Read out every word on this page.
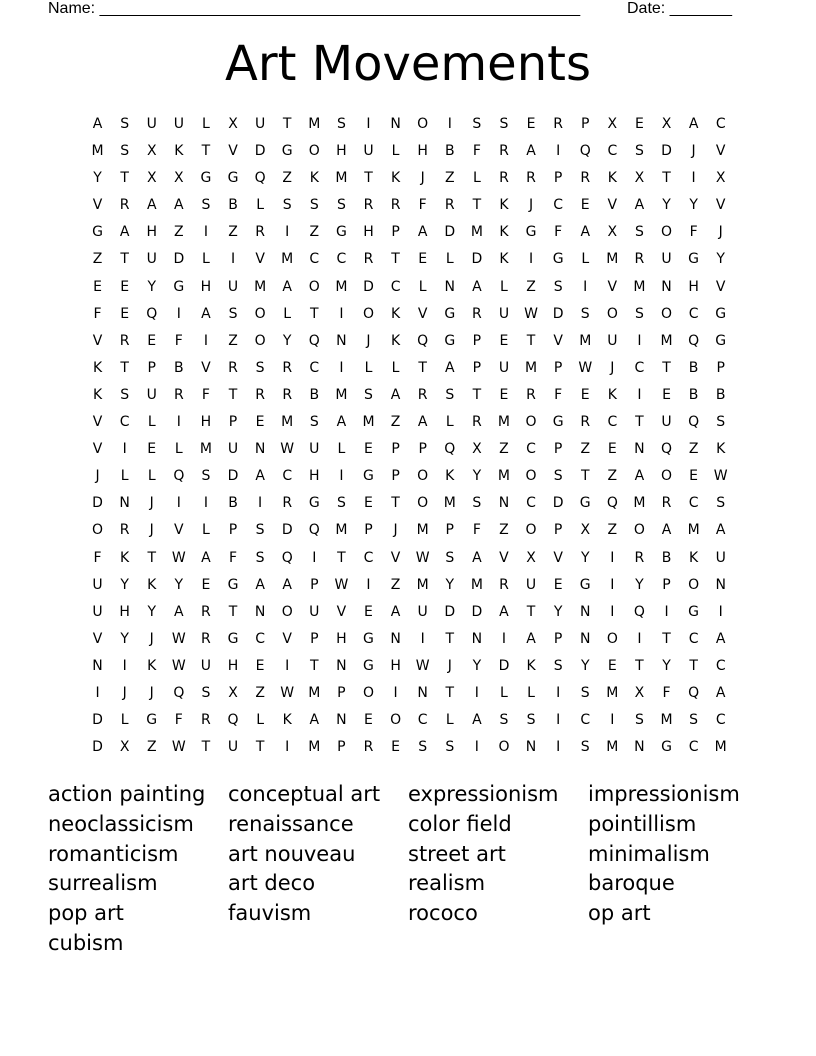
Name: ______________________________________________________	Date: _______
Art Movements
A	S	U	U	L	X	U	T	M	S	I	N	O	I	S	S	E	R	P	X	E	X	A	C
M	S	X	K	T	V	D	G	O	H	U	L	H	B	F	R	A	I	Q	C	S	D	J	V
Y	T	X	X	G	G	Q	Z	K	M	T	K	J	Z	L	R	R	P	R	K	X	T	I	X
V	R	A	A	S	B	L	S	S	S	R	R	F	R	T	K	J	C	E	V	A	Y	Y	V
G	A	H	Z	I	Z	R	I	Z	G	H	P	A	D	M	K	G	F	A	X	S	O	F	J
Z	T	U	D	L	I	V	M	C	C	R	T	E	L	D	K	I	G	L	M	R	U	G	Y
E	E	Y	G	H	U	M	A	O	M	D	C	L	N	A	L	Z	S	I	V	M	N	H	V
F	E	Q	I	A	S	O	L	T	I	O	K	V	G	R	U	W	D	S	O	S	O	C	G
V	R	E	F	I	Z	O	Y	Q	N	J	K	Q	G	P	E	T	V	M	U	I	M	Q	G
K	T	P	B	V	R	S	R	C	I	L	L	T	A	P	U	M	P	W	J	C	T	B	P
K	S	U	R	F	T	R	R	B	M	S	A	R	S	T	E	R	F	E	K	I	E	B	B
V	C	L	I	H	P	E	M	S	A	M	Z	A	L	R	M	O	G	R	C	T	U	Q	S
V	I	E	L	M	U	N	W	U	L	E	P	P	Q	X	Z	C	P	Z	E	N	Q	Z	K
J	L	L	Q	S	D	A	C	H	I	G	P	O	K	Y	M	O	S	T	Z	A	O	E	W
D	N	J	I	I	B	I	R	G	S	E	T	O	M	S	N	C	D	G	Q	M	R	C	S
O	R	J	V	L	P	S	D	Q	M	P	J	M	P	F	Z	O	P	X	Z	O	A	M	A
F	K	T	W	A	F	S	Q	I	T	C	V	W	S	A	V	X	V	Y	I	R	B	K	U
U	Y	K	Y	E	G	A	A	P	W	I	Z	M	Y	M	R	U	E	G	I	Y	P	O	N
U	H	Y	A	R	T	N	O	U	V	E	A	U	D	D	A	T	Y	N	I	Q	I	G	I
V	Y	J	W	R	G	C	V	P	H	G	N	I	T	N	I	A	P	N	O	I	T	C	A
N	I	K	W	U	H	E	I	T	N	G	H	W	J	Y	D	K	S	Y	E	T	Y	T	C
I	J	J	Q	S	X	Z	W	M	P	O	I	N	T	I	L	L	I	S	M	X	F	Q	A
D	L	G	F	R	Q	L	K	A	N	E	O	C	L	A	S	S	I	C	I	S	M	S	C
D	X	Z	W	T	U	T	I	M	P	R	E	S	S	I	O	N	I	S	M	N	G	C	M
action painting	conceptual art	expressionism	impressionism
neoclassicism	renaissance	color field	pointillism
romanticism	art nouveau	street art	minimalism
surrealism	art deco	realism	baroque
pop art	fauvism	rococo	op art
cubism
